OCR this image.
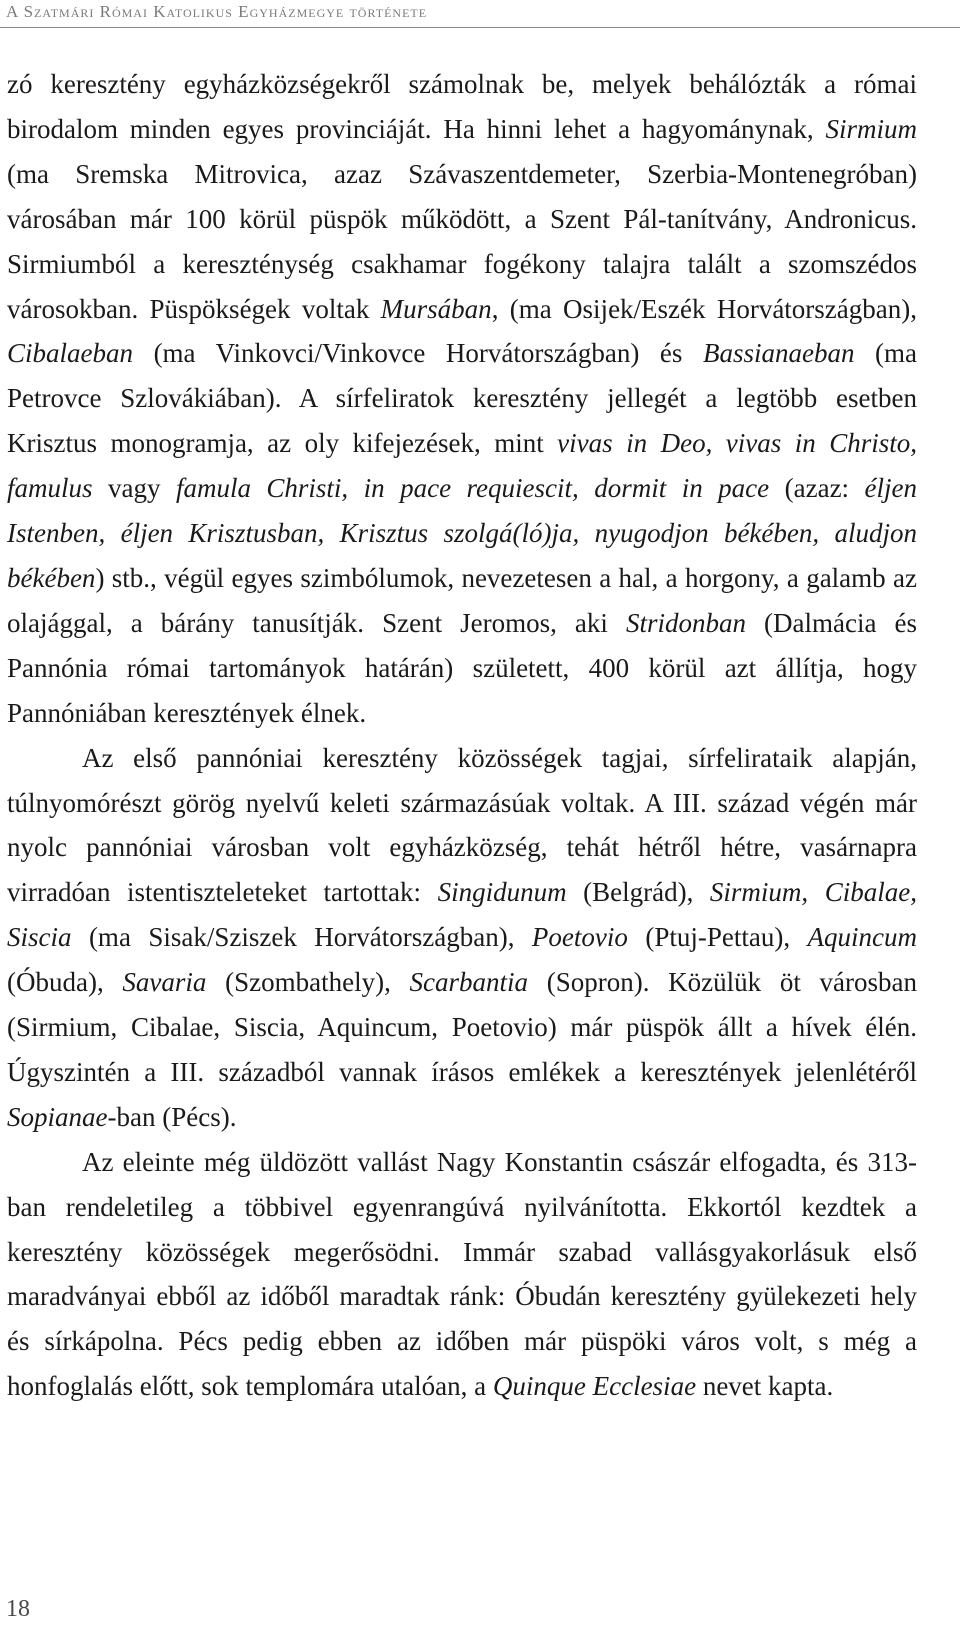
A Szatmári Római Katolikus Egyházmegye története

zó keresztény egyházközségekről számolnak be, melyek behálózták a római birodalom minden egyes provinciáját. Ha hinni lehet a hagyománynak, Sirmium (ma Sremska Mitrovica, azaz Szávaszentdemeter, Szerbia-Montenegróban) városában már 100 körül püspök működött, a Szent Pál-tanítvány, Andronicus. Sirmiumból a kereszténység csakhamar fogékony talajra talált a szomszédos városokban. Püspökségek voltak Mursában, (ma Osijek/Eszék Horvátországban), Cibalaeban (ma Vinkovci/Vinkovce Horvátországban) és Bassianaeban (ma Petrovce Szlovákiában). A sírfeliratok keresztény jellegét a legtöbb esetben Krisztus monogramja, az oly kifejezések, mint vivas in Deo, vivas in Christo, famulus vagy famula Christi, in pace requiescit, dormit in pace (azaz: éljen Istenben, éljen Krisztusban, Krisztus szolgá(ló)ja, nyugodjon békében, aludjon békében) stb., végül egyes szimbólumok, nevezetesen a hal, a horgony, a galamb az olajággal, a bárány tanusítják. Szent Jeromos, aki Stridonban (Dalmácia és Pannónia római tartományok határán) született, 400 körül azt állítja, hogy Pannóniában keresztények élnek.

Az első pannóniai keresztény közösségek tagjai, sírfelirataik alapján, túlnyomórészt görög nyelvű keleti származásúak voltak. A III. század végén már nyolc pannóniai városban volt egyházközség, tehát hétről hétre, vasárnapra virradóan istentiszteleteket tartottak: Singidunum (Belgrád), Sirmium, Cibalae, Siscia (ma Sisak/Sziszek Horvátországban), Poetovio (Ptuj-Pettau), Aquincum (Óbuda), Savaria (Szombathely), Scarbantia (Sopron). Közülük öt városban (Sirmium, Cibalae, Siscia, Aquincum, Poetovio) már püspök állt a hívek élén. Úgyszintén a III. századból vannak írásos emlékek a keresztények jelenlétéről Sopianae-ban (Pécs).

Az eleinte még üldözött vallást Nagy Konstantin császár elfogadta, és 313-ban rendeletileg a többivel egyenrangúvá nyilvánította. Ekkortól kezdtek a keresztény közösségek megerősödni. Immár szabad vallásgyakorlásuk első maradványai ebből az időből maradtak ránk: Óbudán keresztény gyülekezeti hely és sírkápolna. Pécs pedig ebben az időben már püspöki város volt, s még a honfoglalás előtt, sok templomára utalóan, a Quinque Ecclesiae nevet kapta.

18
